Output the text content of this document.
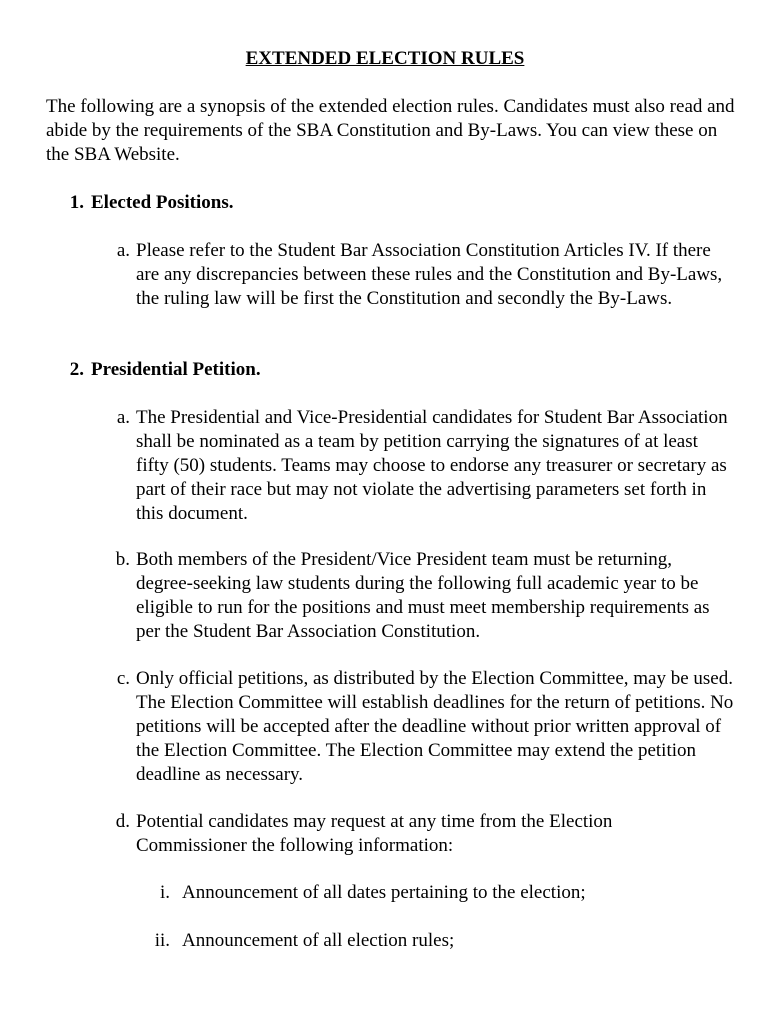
EXTENDED ELECTION RULES
The following are a synopsis of the extended election rules. Candidates must also read and abide by the requirements of the SBA Constitution and By-Laws. You can view these on the SBA Website.
1. Elected Positions.
a. Please refer to the Student Bar Association Constitution Articles IV. If there are any discrepancies between these rules and the Constitution and By-Laws, the ruling law will be first the Constitution and secondly the By-Laws.
2. Presidential Petition.
a. The Presidential and Vice-Presidential candidates for Student Bar Association shall be nominated as a team by petition carrying the signatures of at least fifty (50) students. Teams may choose to endorse any treasurer or secretary as part of their race but may not violate the advertising parameters set forth in this document.
b. Both members of the President/Vice President team must be returning, degree-seeking law students during the following full academic year to be eligible to run for the positions and must meet membership requirements as per the Student Bar Association Constitution.
c. Only official petitions, as distributed by the Election Committee, may be used. The Election Committee will establish deadlines for the return of petitions. No petitions will be accepted after the deadline without prior written approval of the Election Committee. The Election Committee may extend the petition deadline as necessary.
d. Potential candidates may request at any time from the Election Commissioner the following information:
i. Announcement of all dates pertaining to the election;
ii. Announcement of all election rules;
